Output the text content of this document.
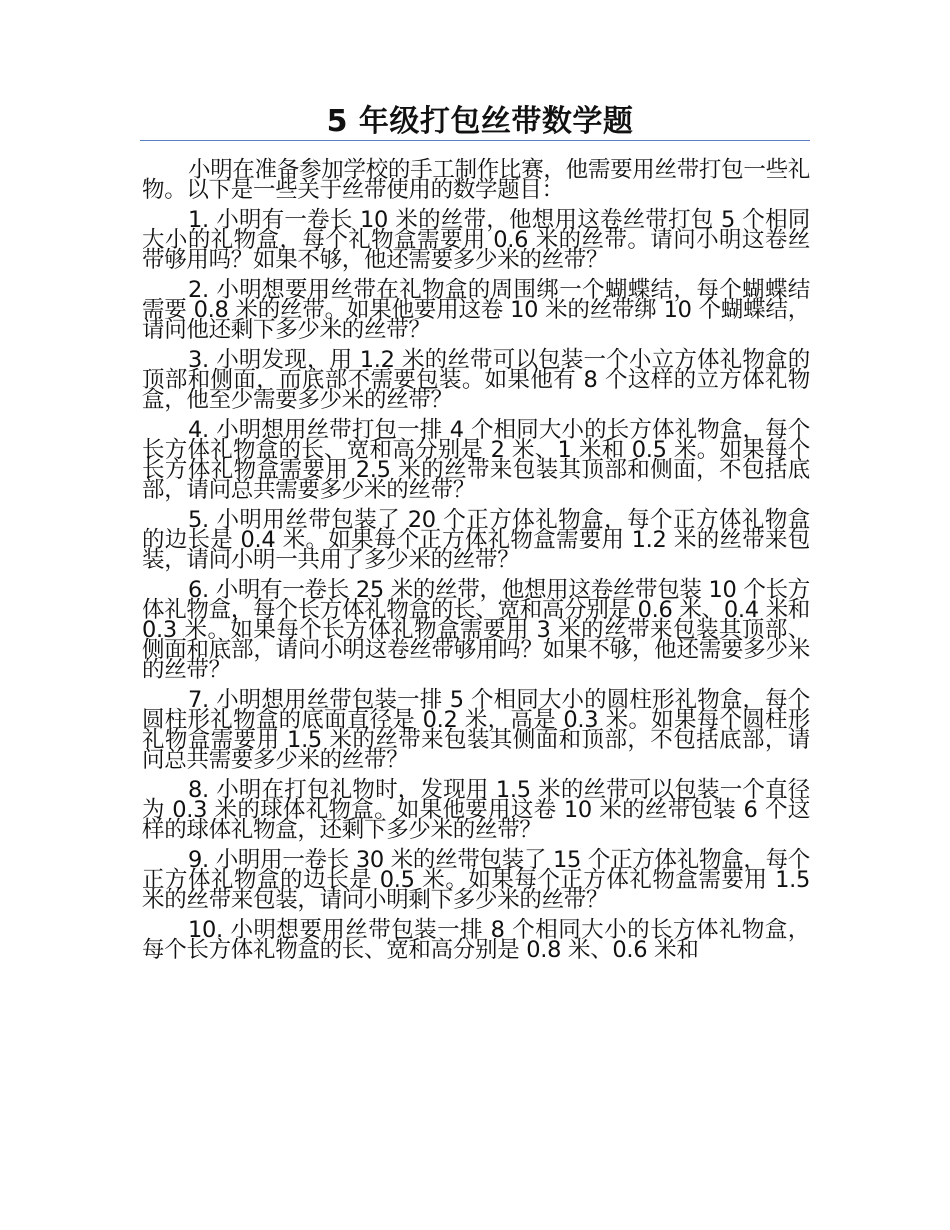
5 年级打包丝带数学题

小明在准备参加学校的手工制作比赛，他需要用丝带打包一些礼物。以下是一些关于丝带使用的数学题目：

1. 小明有一卷长 10 米的丝带，他想用这卷丝带打包 5 个相同大小的礼物盒，每个礼物盒需要用 0.6 米的丝带。请问小明这卷丝带够用吗？如果不够，他还需要多少米的丝带？

2. 小明想要用丝带在礼物盒的周围绑一个蝴蝶结，每个蝴蝶结需要 0.8 米的丝带。如果他要用这卷 10 米的丝带绑 10 个蝴蝶结，请问他还剩下多少米的丝带？

3. 小明发现，用 1.2 米的丝带可以包装一个小立方体礼物盒的顶部和侧面，而底部不需要包装。如果他有 8 个这样的立方体礼物盒，他至少需要多少米的丝带？

4. 小明想用丝带打包一排 4 个相同大小的长方体礼物盒，每个长方体礼物盒的长、宽和高分别是 2 米、1 米和 0.5 米。如果每个长方体礼物盒需要用 2.5 米的丝带来包装其顶部和侧面，不包括底部，请问总共需要多少米的丝带？

5. 小明用丝带包装了 20 个正方体礼物盒，每个正方体礼物盒的边长是 0.4 米。如果每个正方体礼物盒需要用 1.2 米的丝带来包装，请问小明一共用了多少米的丝带？

6. 小明有一卷长 25 米的丝带，他想用这卷丝带包装 10 个长方体礼物盒，每个长方体礼物盒的长、宽和高分别是 0.6 米、0.4 米和 0.3 米。如果每个长方体礼物盒需要用 3 米的丝带来包装其顶部、侧面和底部，请问小明这卷丝带够用吗？如果不够，他还需要多少米的丝带？

7. 小明想用丝带包装一排 5 个相同大小的圆柱形礼物盒，每个圆柱形礼物盒的底面直径是 0.2 米，高是 0.3 米。如果每个圆柱形礼物盒需要用 1.5 米的丝带来包装其侧面和顶部，不包括底部，请问总共需要多少米的丝带？

8. 小明在打包礼物时，发现用 1.5 米的丝带可以包装一个直径为 0.3 米的球体礼物盒。如果他要用这卷 10 米的丝带包装 6 个这样的球体礼物盒，还剩下多少米的丝带？

9. 小明用一卷长 30 米的丝带包装了 15 个正方体礼物盒，每个正方体礼物盒的边长是 0.5 米。如果每个正方体礼物盒需要用 1.5 米的丝带来包装，请问小明剩下多少米的丝带？

10. 小明想要用丝带包装一排 8 个相同大小的长方体礼物盒，每个长方体礼物盒的长、宽和高分别是 0.8 米、0.6 米和
